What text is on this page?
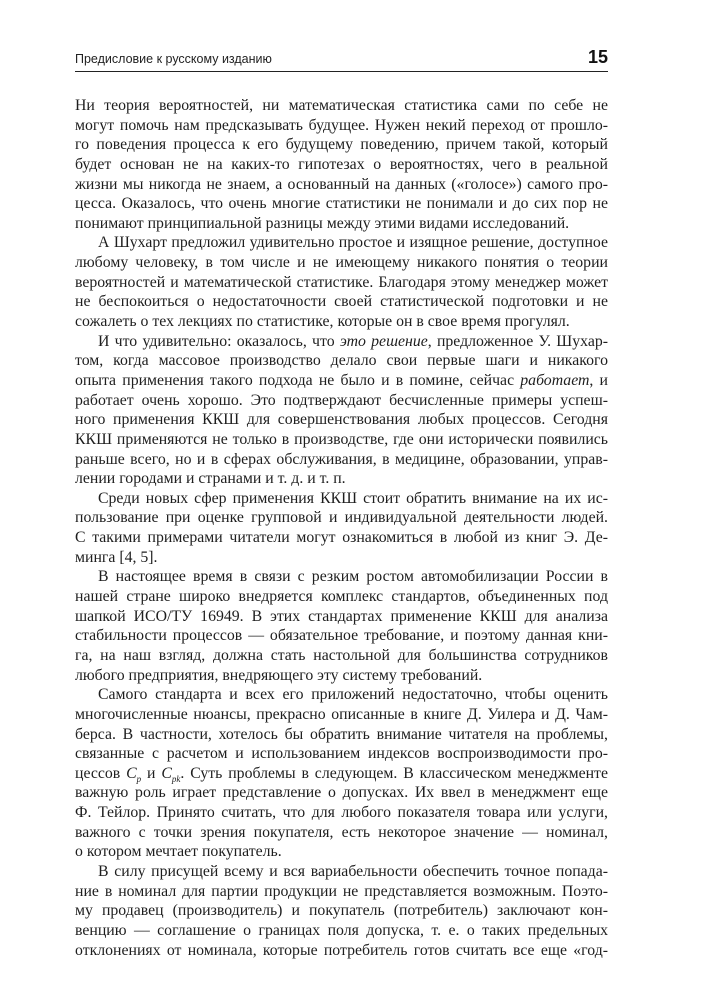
Предисловие к русскому изданию	15
Ни теория вероятностей, ни математическая статистика сами по себе не
могут помочь нам предсказывать будущее. Нужен некий переход от прошло-
го поведения процесса к его будущему поведению, причем такой, который
будет основан не на каких-то гипотезах о вероятностях, чего в реальной
жизни мы никогда не знаем, а основанный на данных («голосе») самого про-
цесса. Оказалось, что очень многие статистики не понимали и до сих пор не
понимают принципиальной разницы между этими видами исследований.
А Шухарт предложил удивительно простое и изящное решение, доступное
любому человеку, в том числе и не имеющему никакого понятия о теории
вероятностей и математической статистике. Благодаря этому менеджер может
не беспокоиться о недостаточности своей статистической подготовки и не
сожалеть о тех лекциях по статистике, которые он в свое время прогулял.
И что удивительно: оказалось, что это решение, предложенное У. Шухар-
том, когда массовое производство делало свои первые шаги и никакого
опыта применения такого подхода не было и в помине, сейчас работает, и
работает очень хорошо. Это подтверждают бесчисленные примеры успеш-
ного применения ККШ для совершенствования любых процессов. Сегодня
ККШ применяются не только в производстве, где они исторически появились
раньше всего, но и в сферах обслуживания, в медицине, образовании, управ-
лении городами и странами и т. д. и т. п.
Среди новых сфер применения ККШ стоит обратить внимание на их ис-
пользование при оценке групповой и индивидуальной деятельности людей.
С такими примерами читатели могут ознакомиться в любой из книг Э. Де-
минга [4, 5].
В настоящее время в связи с резким ростом автомобилизации России в
нашей стране широко внедряется комплекс стандартов, объединенных под
шапкой ИСО/ТУ 16949. В этих стандартах применение ККШ для анализа
стабильности процессов — обязательное требование, и поэтому данная кни-
га, на наш взгляд, должна стать настольной для большинства сотрудников
любого предприятия, внедряющего эту систему требований.
Самого стандарта и всех его приложений недостаточно, чтобы оценить
многочисленные нюансы, прекрасно описанные в книге Д. Уилера и Д. Чам-
берса. В частности, хотелось бы обратить внимание читателя на проблемы,
связанные с расчетом и использованием индексов воспроизводимости про-
цессов $C_p$ и $C_{pk}$. Суть проблемы в следующем. В классическом менеджменте
важную роль играет представление о допусках. Их ввел в менеджмент еще
Ф. Тейлор. Принято считать, что для любого показателя товара или услуги,
важного с точки зрения покупателя, есть некоторое значение — номинал,
о котором мечтает покупатель.
В силу присущей всему и вся вариабельности обеспечить точное попада-
ние в номинал для партии продукции не представляется возможным. Поэто-
му продавец (производитель) и покупатель (потребитель) заключают кон-
венцию — соглашение о границах поля допуска, т. е. о таких предельных
отклонениях от номинала, которые потребитель готов считать все еще «год-
